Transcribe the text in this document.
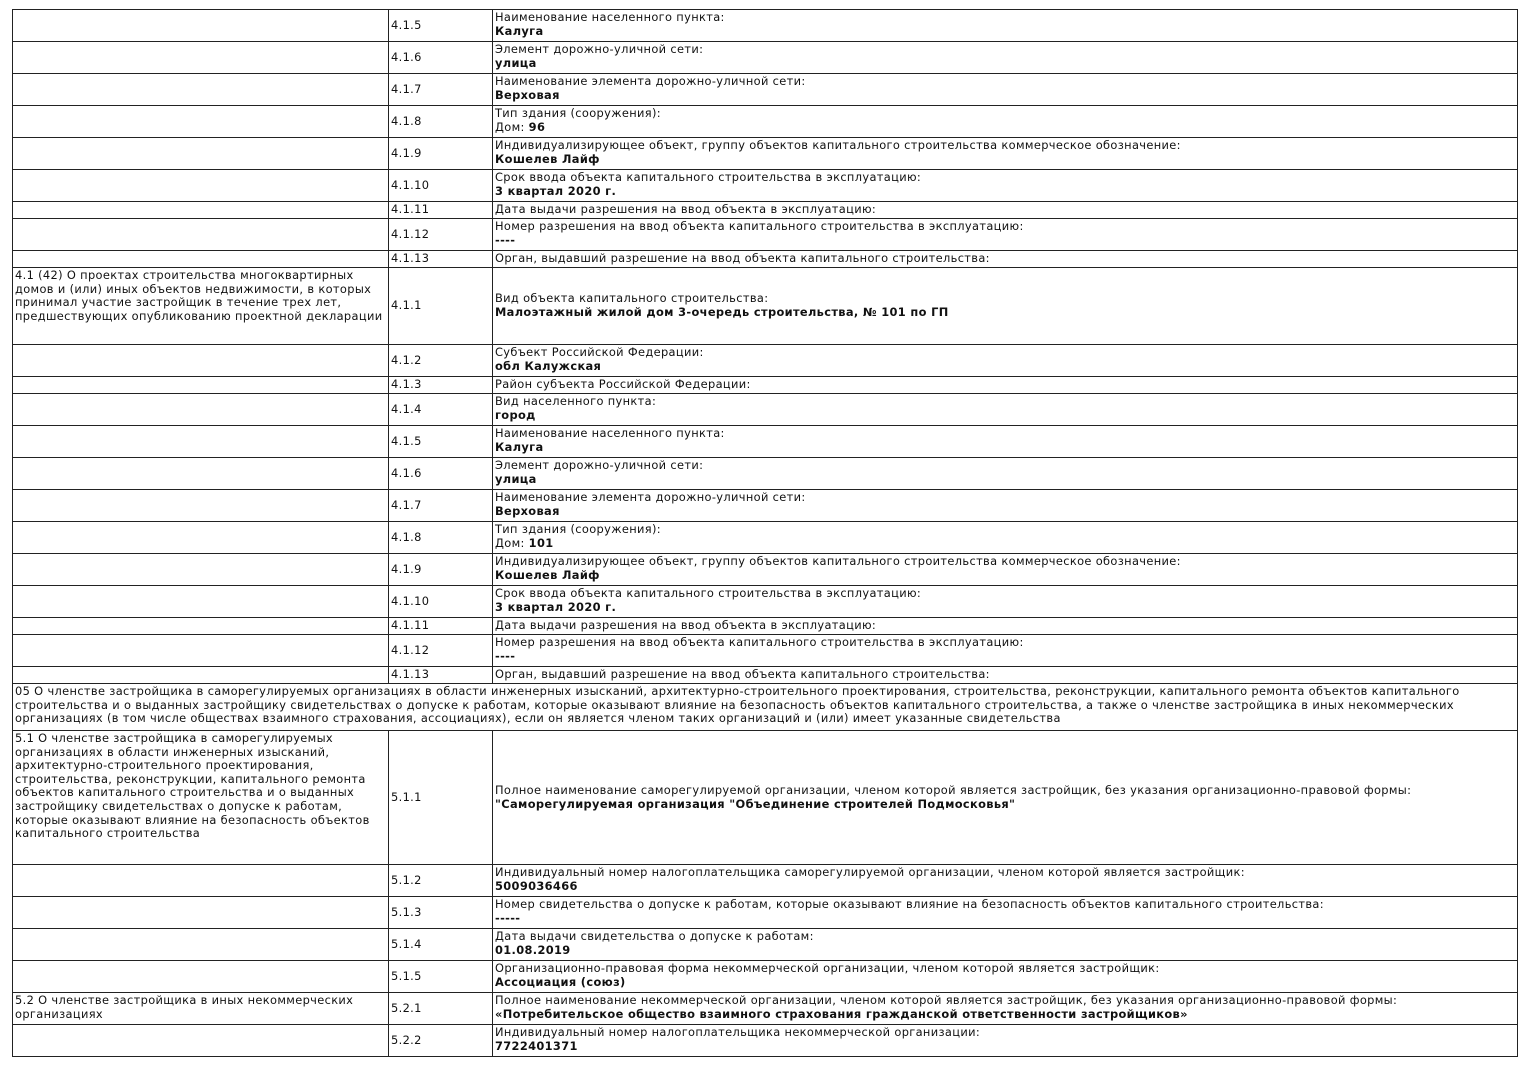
	4.1.5	Наименование населенного пункта:
Калуга

	4.1.6	Элемент дорожно-уличной сети:
улица

	4.1.7	Наименование элемента дорожно-уличной сети:
Верховая

	4.1.8	Тип здания (сооружения):
Дом: 96

	4.1.9	Индивидуализирующее объект, группу объектов капитального строительства коммерческое обозначение:
Кошелев Лайф

	4.1.10	Срок ввода объекта капитального строительства в эксплуатацию:
3 квартал 2020 г.

	4.1.11	Дата выдачи разрешения на ввод объекта в эксплуатацию:

	4.1.12	Номер разрешения на ввод объекта капитального строительства в эксплуатацию:
----

	4.1.13	Орган, выдавший разрешение на ввод объекта капитального строительства:

4.1 (42) О проектах строительства многоквартирных домов и (или) иных объектов недвижимости, в которых принимал участие застройщик в течение трех лет, предшествующих опубликованию проектной декларации	4.1.1	Вид объекта капитального строительства:
Малоэтажный жилой дом 3-очередь строительства, № 101 по ГП

	4.1.2	Субъект Российской Федерации:
обл Калужская

	4.1.3	Район субъекта Российской Федерации:

	4.1.4	Вид населенного пункта:
город

	4.1.5	Наименование населенного пункта:
Калуга

	4.1.6	Элемент дорожно-уличной сети:
улица

	4.1.7	Наименование элемента дорожно-уличной сети:
Верховая

	4.1.8	Тип здания (сооружения):
Дом: 101

	4.1.9	Индивидуализирующее объект, группу объектов капитального строительства коммерческое обозначение:
Кошелев Лайф

	4.1.10	Срок ввода объекта капитального строительства в эксплуатацию:
3 квартал 2020 г.

	4.1.11	Дата выдачи разрешения на ввод объекта в эксплуатацию:

	4.1.12	Номер разрешения на ввод объекта капитального строительства в эксплуатацию:
----

	4.1.13	Орган, выдавший разрешение на ввод объекта капитального строительства:

05 О членстве застройщика в саморегулируемых организациях в области инженерных изысканий, архитектурно-строительного проектирования, строительства, реконструкции, капитального ремонта объектов капитального строительства и о выданных застройщику свидетельствах о допуске к работам, которые оказывают влияние на безопасность объектов капитального строительства, а также о членстве застройщика в иных некоммерческих организациях (в том числе обществах взаимного страхования, ассоциациях), если он является членом таких организаций и (или) имеет указанные свидетельства		
5.1 О членстве застройщика в саморегулируемых организациях в области инженерных изысканий, архитектурно-строительного проектирования, строительства, реконструкции, капитального ремонта объектов капитального строительства и о выданных застройщику свидетельствах о допуске к работам, которые оказывают влияние на безопасность объектов капитального строительства	5.1.1	Полное наименование саморегулируемой организации, членом которой является застройщик, без указания организационно-правовой формы:
"Саморегулируемая организация "Объединение строителей Подмосковья"

	5.1.2	Индивидуальный номер налогоплательщика саморегулируемой организации, членом которой является застройщик:
5009036466

	5.1.3	Номер свидетельства о допуске к работам, которые оказывают влияние на безопасность объектов капитального строительства:
-----

	5.1.4	Дата выдачи свидетельства о допуске к работам:
01.08.2019

	5.1.5	Организационно-правовая форма некоммерческой организации, членом которой является застройщик:
Ассоциация (союз)

5.2 О членстве застройщика в иных некоммерческих организациях	5.2.1	Полное наименование некоммерческой организации, членом которой является застройщик, без указания организационно-правовой формы:
«Потребительское общество взаимного страхования гражданской ответственности застройщиков»

	5.2.2	Индивидуальный номер налогоплательщика некоммерческой организации:
7722401371
